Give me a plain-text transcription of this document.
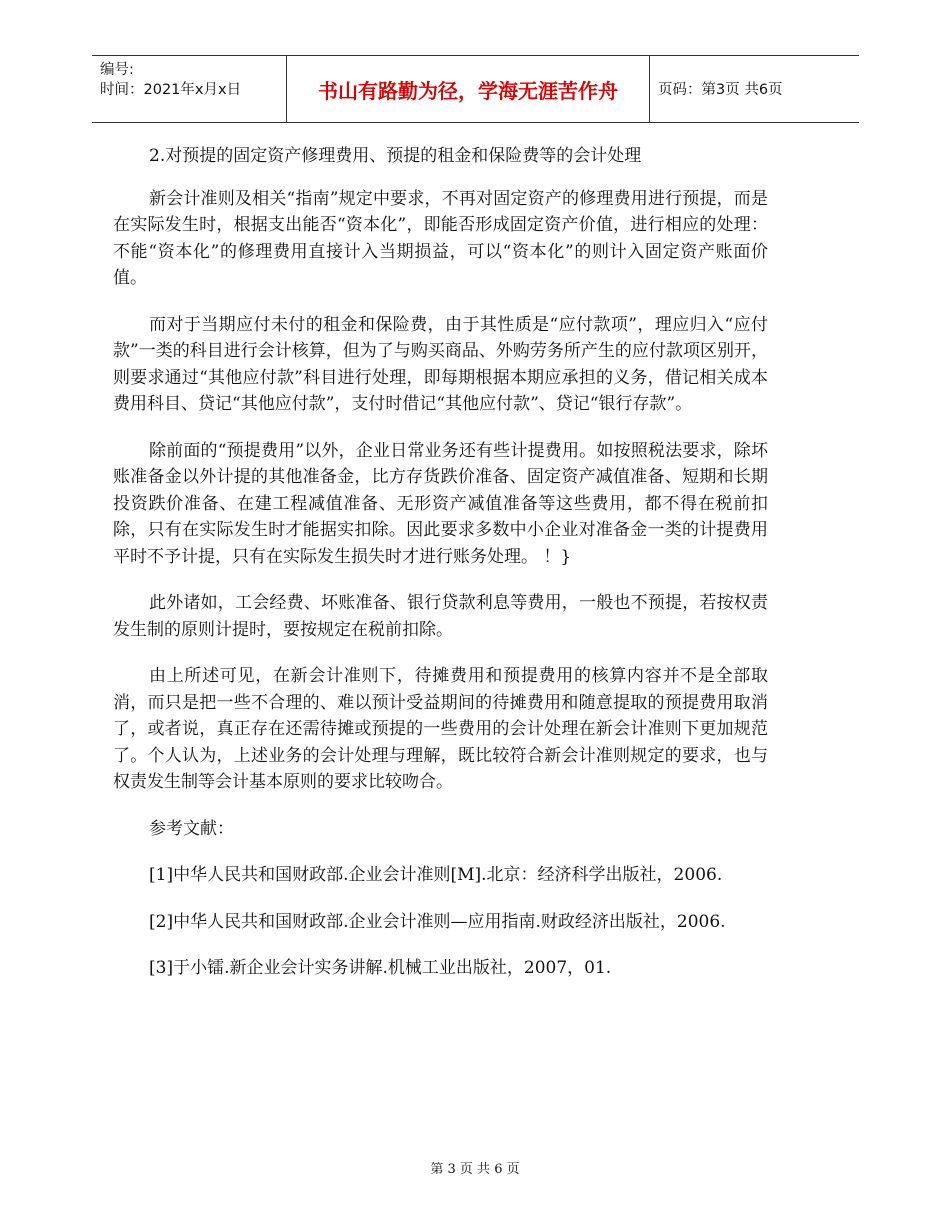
编号:
时间：2021年x月x日	书山有路勤为径，学海无涯苦作舟	页码：第3页 共6页

2.对预提的固定资产修理费用、预提的租金和保险费等的会计处理

新会计准则及相关“指南”规定中要求，不再对固定资产的修理费用进行预提，而是在实际发生时，根据支出能否“资本化”，即能否形成固定资产价值，进行相应的处理：不能“资本化”的修理费用直接计入当期损益，可以“资本化”的则计入固定资产账面价值。

而对于当期应付未付的租金和保险费，由于其性质是“应付款项”，理应归入“应付款”一类的科目进行会计核算，但为了与购买商品、外购劳务所产生的应付款项区别开，则要求通过“其他应付款”科目进行处理，即每期根据本期应承担的义务，借记相关成本费用科目、贷记“其他应付款”，支付时借记“其他应付款”、贷记“银行存款”。

除前面的“预提费用”以外，企业日常业务还有些计提费用。如按照税法要求，除坏账准备金以外计提的其他准备金，比方存货跌价准备、固定资产减值准备、短期和长期投资跌价准备、在建工程减值准备、无形资产减值准备等这些费用，都不得在税前扣除，只有在实际发生时才能据实扣除。因此要求多数中小企业对准备金一类的计提费用平时不予计提，只有在实际发生损失时才进行账务处理。 ！}

此外诸如，工会经费、坏账准备、银行贷款利息等费用，一般也不预提，若按权责发生制的原则计提时，要按规定在税前扣除。

由上所述可见，在新会计准则下，待摊费用和预提费用的核算内容并不是全部取消，而只是把一些不合理的、难以预计受益期间的待摊费用和随意提取的预提费用取消了，或者说，真正存在还需待摊或预提的一些费用的会计处理在新会计准则下更加规范了。个人认为，上述业务的会计处理与理解，既比较符合新会计准则规定的要求，也与权责发生制等会计基本原则的要求比较吻合。

参考文献：

[1]中华人民共和国财政部.企业会计准则[M].北京：经济科学出版社，2006.

[2]中华人民共和国财政部.企业会计准则—应用指南.财政经济出版社，2006.

[3]于小镭.新企业会计实务讲解.机械工业出版社，2007，01.

第 3 页 共 6 页
